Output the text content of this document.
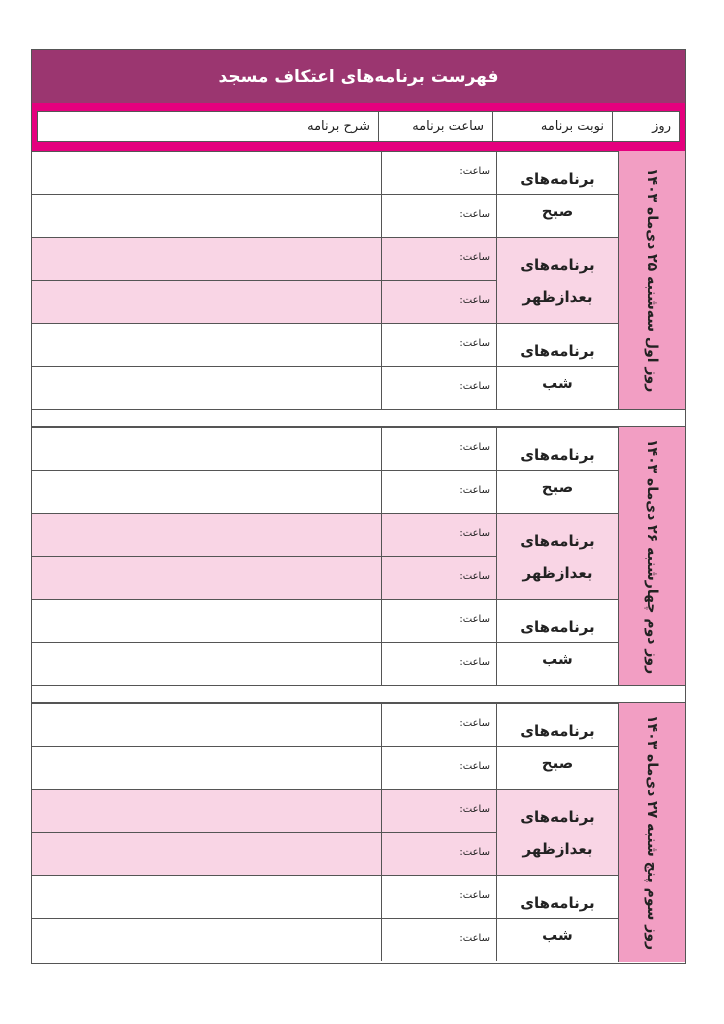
فهرست برنامه‌های اعتکاف مسجد
روز
نوبت برنامه
ساعت برنامه
شرح برنامه
روز اول سه‌شنبه ۲۵ دی‌ماه ۱۴۰۳
ساعت:
ساعت:
ساعت:
ساعت:
ساعت:
ساعت:
برنامه‌های
صبح
برنامه‌های
بعدازظهر
برنامه‌های
شب
روز دوم چهارشنبه ۲۶ دی‌ماه ۱۴۰۳
ساعت:
ساعت:
ساعت:
ساعت:
ساعت:
ساعت:
برنامه‌های
صبح
برنامه‌های
بعدازظهر
برنامه‌های
شب
روز سوم پنج شنبه ۲۷ دی‌ماه ۱۴۰۳
ساعت:
ساعت:
ساعت:
ساعت:
ساعت:
ساعت:
برنامه‌های
صبح
برنامه‌های
بعدازظهر
برنامه‌های
شب
